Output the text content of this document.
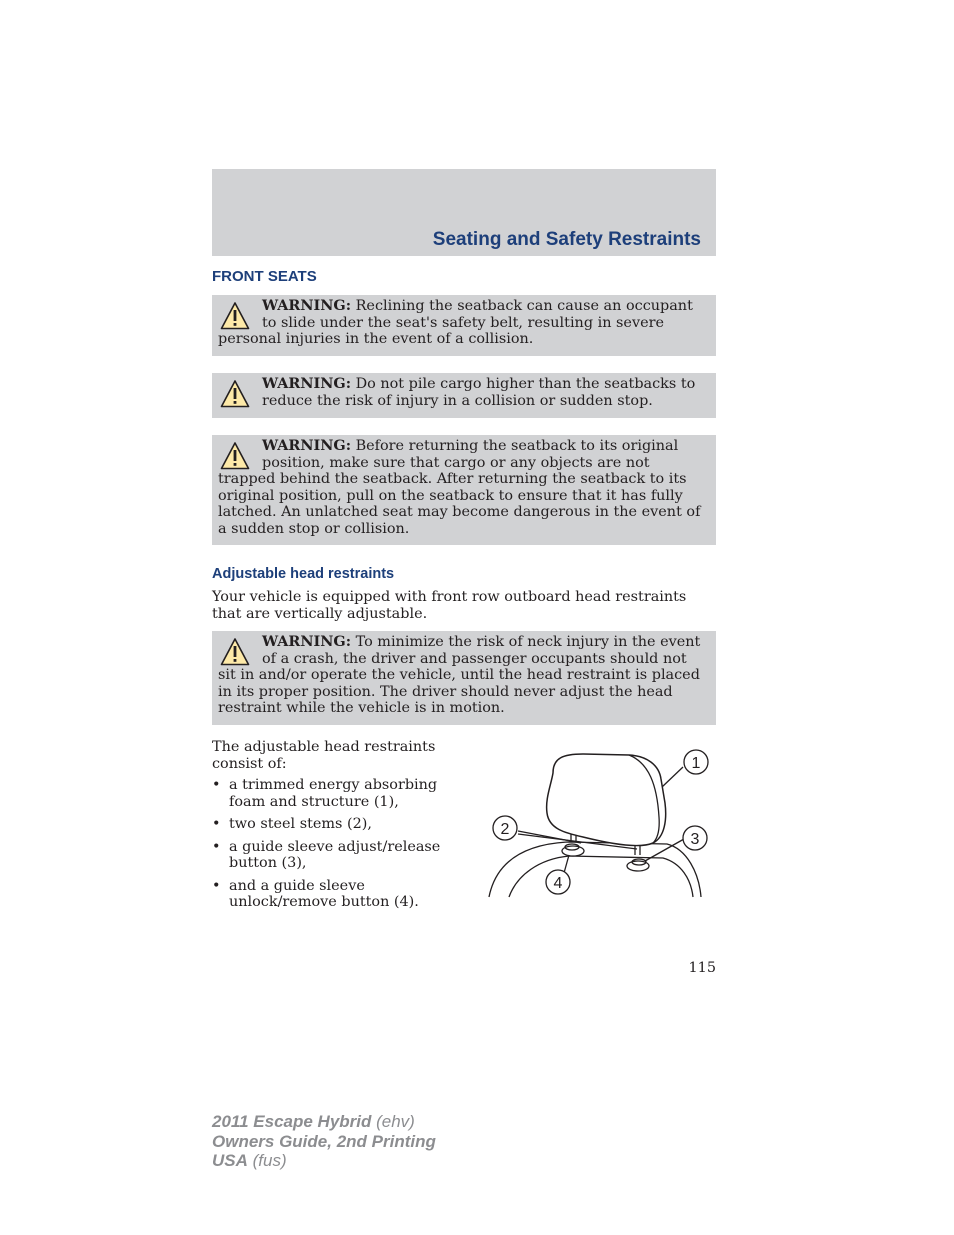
Seating and Safety Restraints
FRONT SEATS
WARNING: Reclining the seatback can cause an occupant to slide under the seat's safety belt, resulting in severe personal injuries in the event of a collision.
WARNING: Do not pile cargo higher than the seatbacks to reduce the risk of injury in a collision or sudden stop.
WARNING: Before returning the seatback to its original position, make sure that cargo or any objects are not trapped behind the seatback. After returning the seatback to its original position, pull on the seatback to ensure that it has fully latched. An unlatched seat may become dangerous in the event of a sudden stop or collision.
Adjustable head restraints

Your vehicle is equipped with front row outboard head restraints that are vertically adjustable.

WARNING: To minimize the risk of neck injury in the event of a crash, the driver and passenger occupants should not sit in and/or operate the vehicle, until the head restraint is placed in its proper position. The driver should never adjust the head restraint while the vehicle is in motion.

The adjustable head restraints consist of:

• a trimmed energy absorbing foam and structure (1),
• two steel stems (2),
• a guide sleeve adjust/release button (3),
• and a guide sleeve unlock/remove button (4).
1
2
3
4
115
2011 Escape Hybrid (ehv)
Owners Guide, 2nd Printing
USA (fus)
